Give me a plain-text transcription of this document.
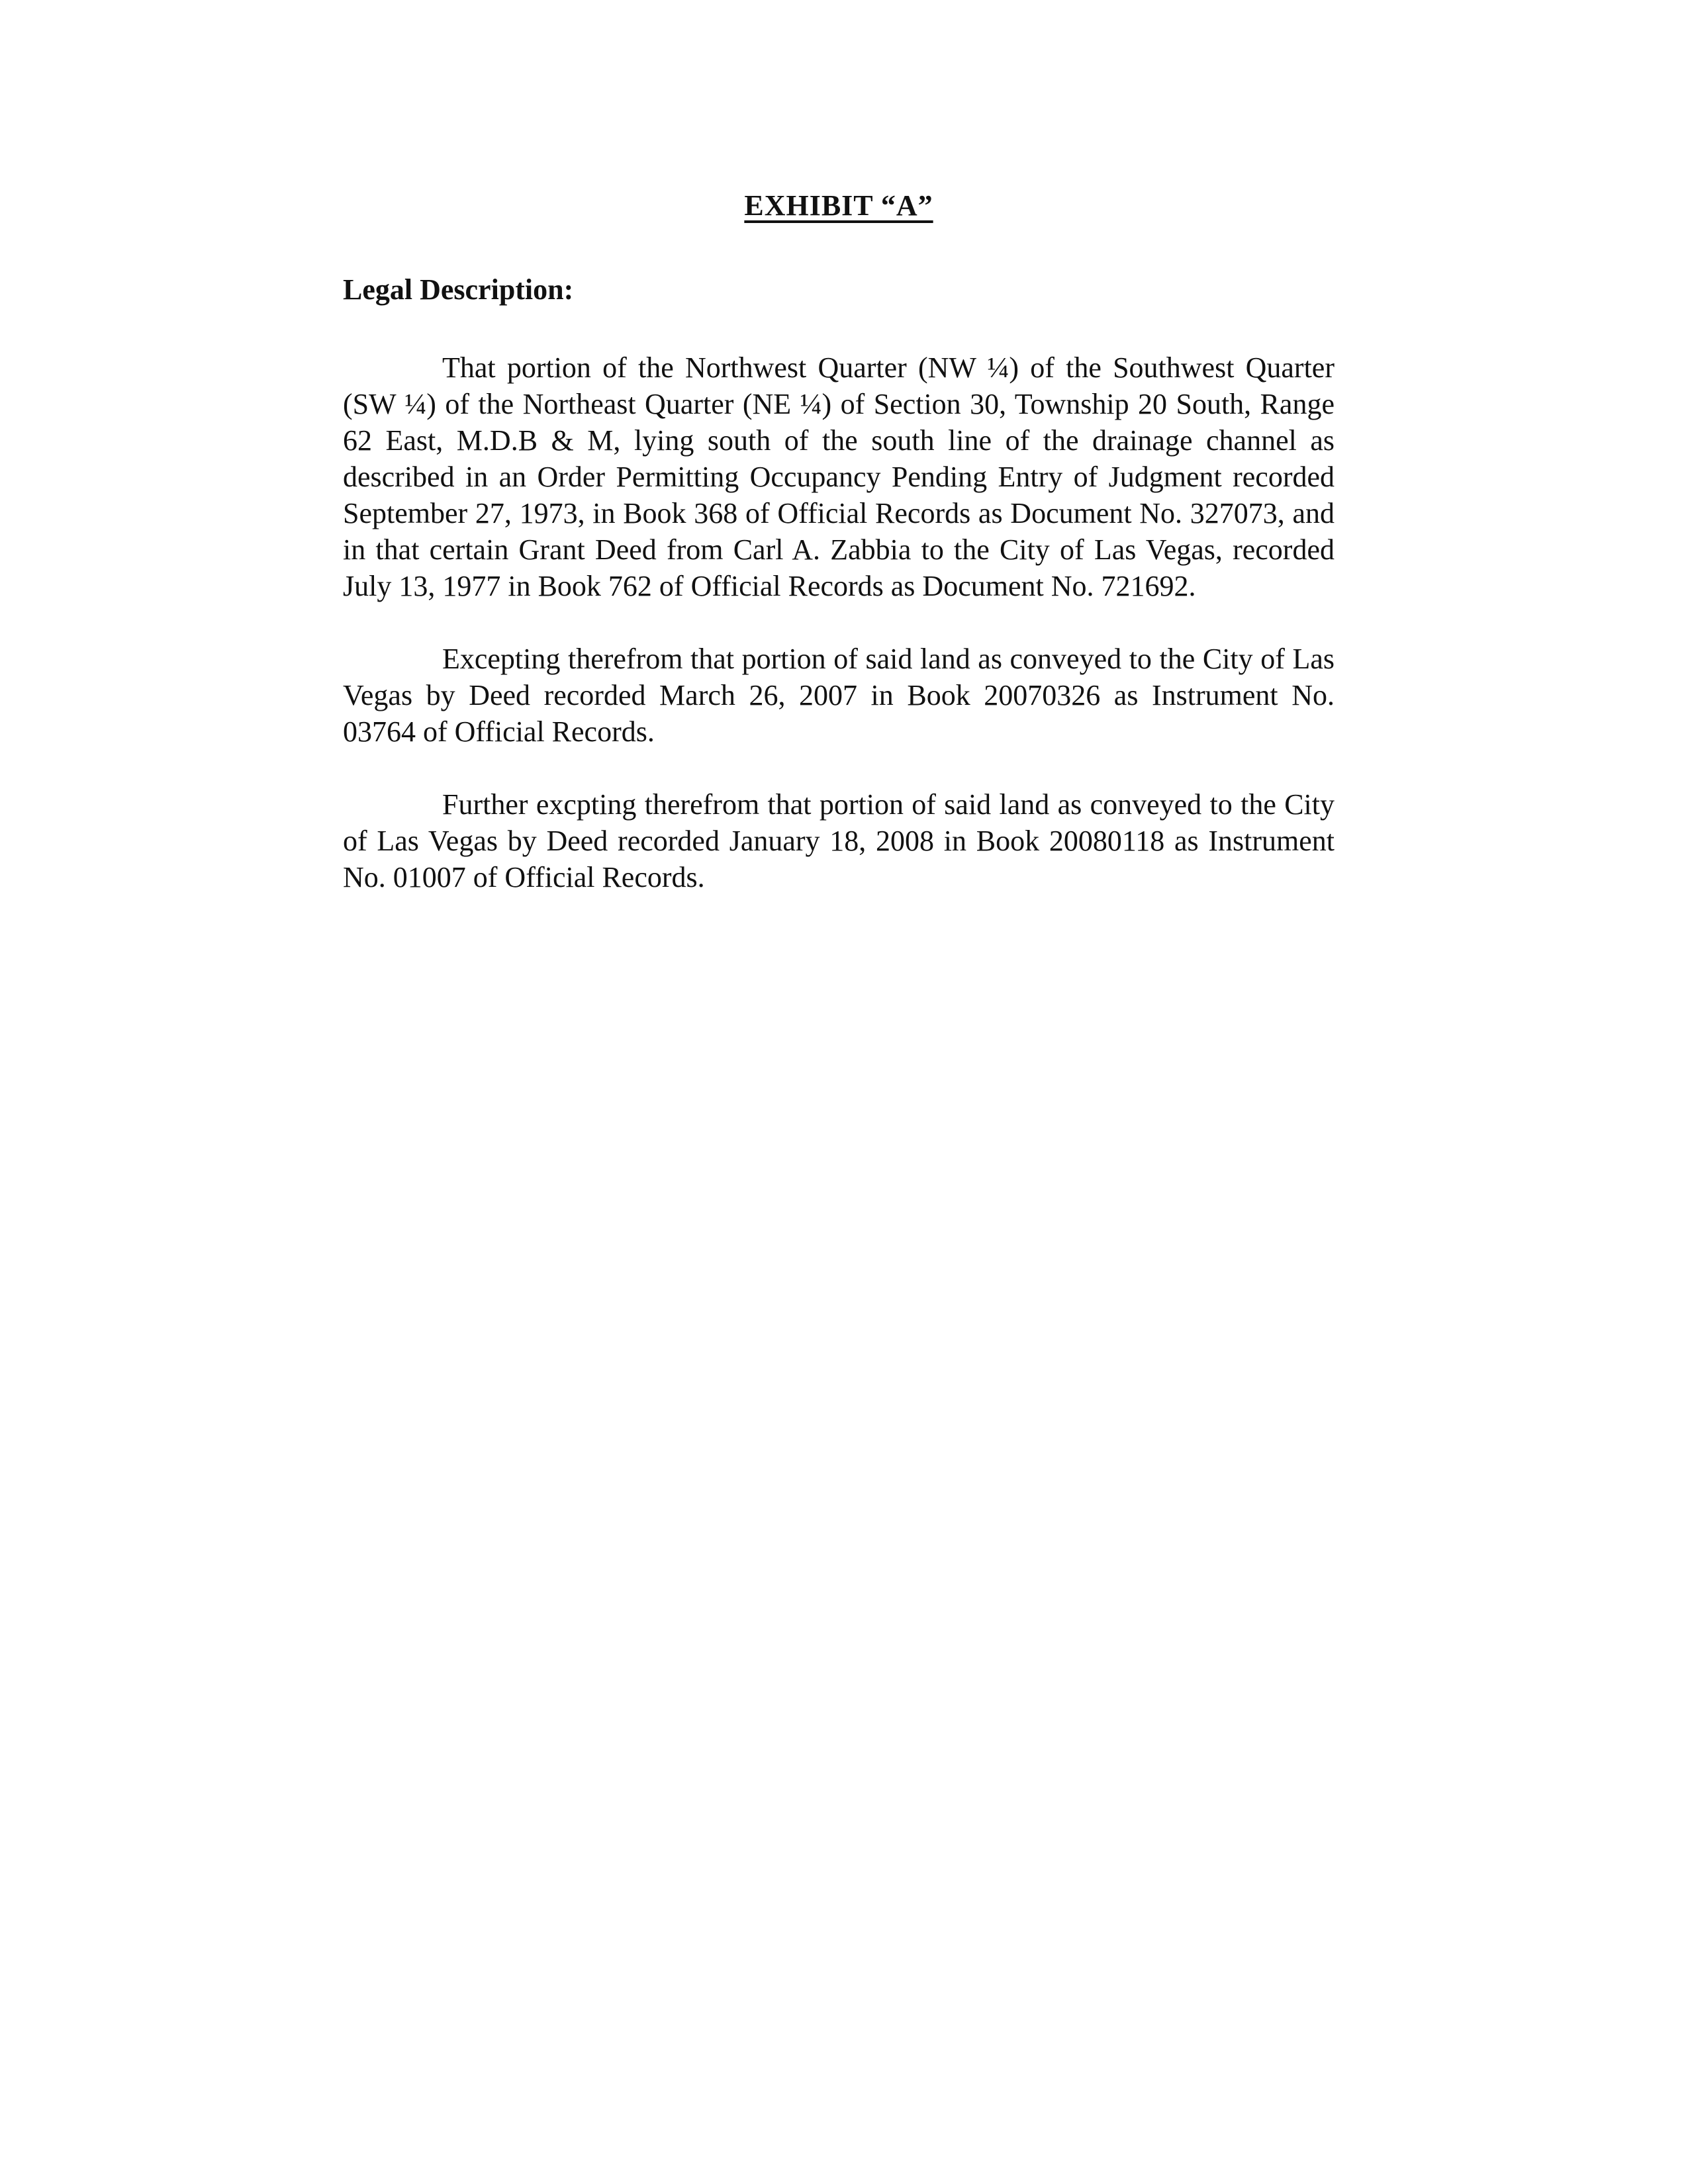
EXHIBIT “A”
Legal Description:

That portion of the Northwest Quarter (NW ¼) of the Southwest Quarter (SW ¼) of the Northeast Quarter (NE ¼) of Section 30, Township 20 South, Range 62 East, M.D.B & M, lying south of the south line of the drainage channel as described in an Order Permitting Occupancy Pending Entry of Judgment recorded September 27, 1973, in Book 368 of Official Records as Document No. 327073, and in that certain Grant Deed from Carl A. Zabbia to the City of Las Vegas, recorded July 13, 1977 in Book 762 of Official Records as Document No. 721692.

Excepting therefrom that portion of said land as conveyed to the City of Las Vegas by Deed recorded March 26, 2007 in Book 20070326 as Instrument No. 03764 of Official Records.

Further excpting therefrom that portion of said land as conveyed to the City of Las Vegas by Deed recorded January 18, 2008 in Book 20080118 as Instrument No. 01007 of Official Records.
